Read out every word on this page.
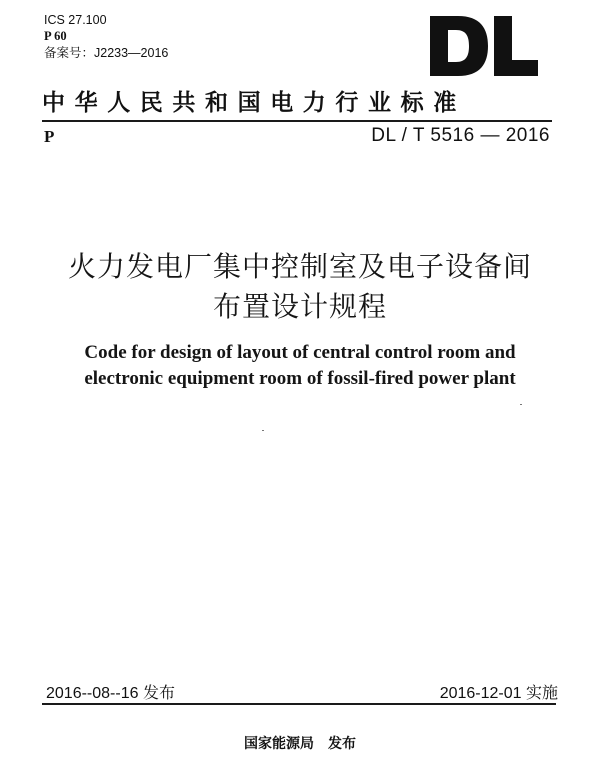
ICS 27.100
P 60
备案号：J2233—2016
中华人民共和国电力行业标准
P	DL / T 5516 — 2016
火力发电厂集中控制室及电子设备间
布置设计规程
Code for design of layout of central control room and
electronic equipment room of fossil-fired power plant
2016--08--16 发布	2016-12-01 实施
国家能源局 发布
